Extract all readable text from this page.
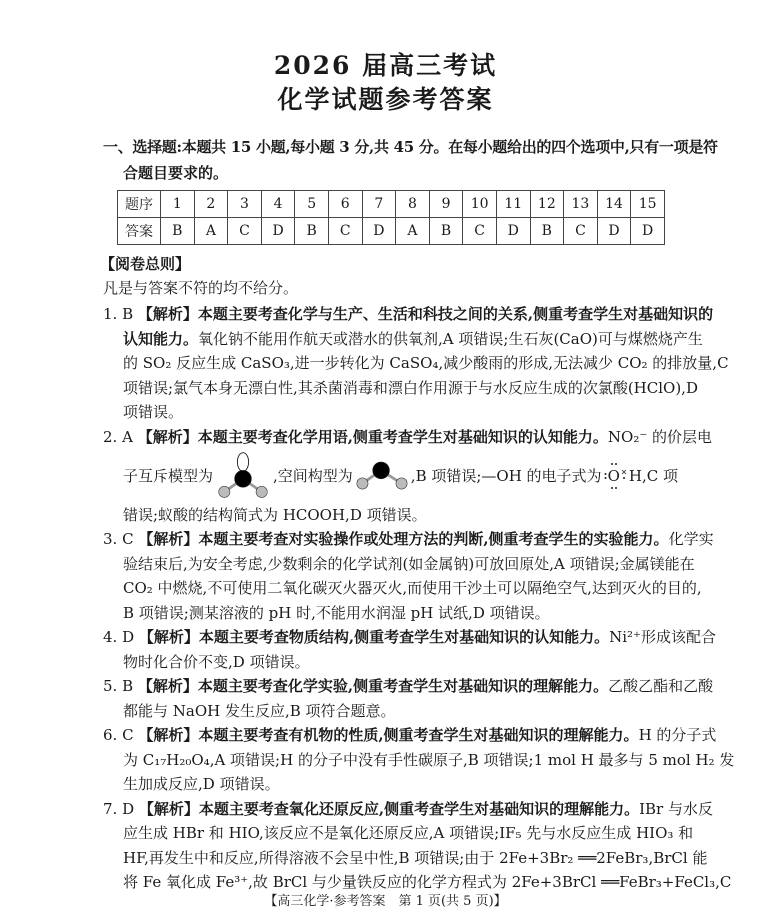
2026 届高三考试
化学试题参考答案
一、选择题:本题共 15 小题,每小题 3 分,共 45 分。在每小题给出的四个选项中,只有一项是符
合题目要求的。
题序	1	2	3	4	5	6	7	8	9	10	11	12	13	14	15
答案	B	A	C	D	B	C	D	A	B	C	D	B	C	D	D
【阅卷总则】
凡是与答案不符的均不给分。
1. B 【解析】本题主要考查化学与生产、生活和科技之间的关系,侧重考查学生对基础知识的
认知能力。氧化钠不能用作航天或潜水的供氧剂,A 项错误;生石灰(CaO)可与煤燃烧产生
的 SO₂ 反应生成 CaSO₃,进一步转化为 CaSO₄,减少酸雨的形成,无法减少 CO₂ 的排放量,C
项错误;氯气本身无漂白性,其杀菌消毒和漂白作用源于与水反应生成的次氯酸(HClO),D
项错误。
2. A 【解析】本题主要考查化学用语,侧重考查学生对基础知识的认知能力。NO₂⁻ 的价层电
子互斥模型为	,空间构型为	,B 项错误;—OH 的电子式为 O H,C 项
错误;蚁酸的结构简式为 HCOOH,D 项错误。
3. C 【解析】本题主要考查对实验操作或处理方法的判断,侧重考查学生的实验能力。化学实
验结束后,为安全考虑,少数剩余的化学试剂(如金属钠)可放回原处,A 项错误;金属镁能在
CO₂ 中燃烧,不可使用二氧化碳灭火器灭火,而使用干沙土可以隔绝空气,达到灭火的目的,
B 项错误;测某溶液的 pH 时,不能用水润湿 pH 试纸,D 项错误。
4. D 【解析】本题主要考查物质结构,侧重考查学生对基础知识的认知能力。Ni²⁺形成该配合
物时化合价不变,D 项错误。
5. B 【解析】本题主要考查化学实验,侧重考查学生对基础知识的理解能力。乙酸乙酯和乙酸
都能与 NaOH 发生反应,B 项符合题意。
6. C 【解析】本题主要考查有机物的性质,侧重考查学生对基础知识的理解能力。H 的分子式
为 C₁₇H₂₀O₄,A 项错误;H 的分子中没有手性碳原子,B 项错误;1 mol H 最多与 5 mol H₂ 发
生加成反应,D 项错误。
7. D 【解析】本题主要考查氧化还原反应,侧重考查学生对基础知识的理解能力。IBr 与水反
应生成 HBr 和 HIO,该反应不是氧化还原反应,A 项错误;IF₅ 先与水反应生成 HIO₃ 和
HF,再发生中和反应,所得溶液不会呈中性,B 项错误;由于 2Fe+3Br₂ ══2FeBr₃,BrCl 能
将 Fe 氧化成 Fe³⁺,故 BrCl 与少量铁反应的化学方程式为 2Fe+3BrCl ══FeBr₃+FeCl₃,C
【高三化学·参考答案　第 1 页(共 5 页)】
